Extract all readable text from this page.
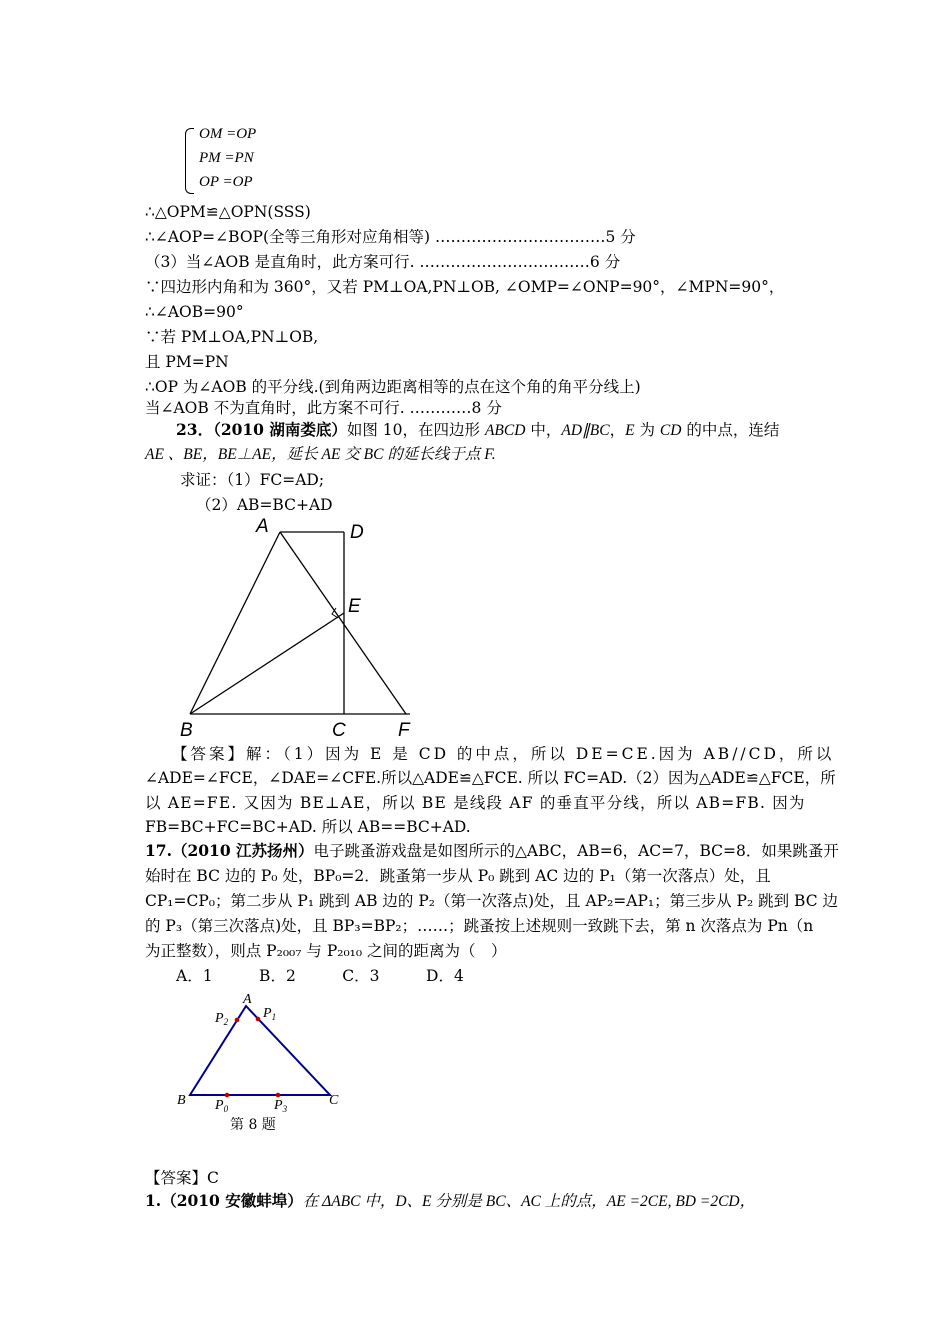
OM =OP
PM =PN
OP =OP
∴△OPM≌△OPN(SSS)
∴∠AOP=∠BOP(全等三角形对应角相等) ……………………………5 分
（3）当∠AOB 是直角时，此方案可行. ……………………………6 分
∵四边形内角和为 360°，又若 PM⊥OA,PN⊥OB, ∠OMP=∠ONP=90°，∠MPN=90°，
∴∠AOB=90°
∵若 PM⊥OA,PN⊥OB,
且 PM=PN
∴OP 为∠AOB 的平分线.(到角两边距离相等的点在这个角的角平分线上)
当∠AOB 不为直角时，此方案不可行. …………8 分
23．（2010 湖南娄底）如图 10，在四边形 ABCD 中，AD∥BC，E 为 CD 的中点，连结
AE 、BE，BE⊥AE，延长 AE 交 BC 的延长线于点 F.
求证：（1）FC=AD;
（2）AB=BC+AD
A	D
E
B	C	F
【答案】解：（1）因为 E 是 CD 的中点，所以 DE=CE.因为 AB//CD，所以
∠ADE=∠FCE，∠DAE=∠CFE.所以△ADE≌△FCE. 所以 FC=AD.（2）因为△ADE≌△FCE，所
以 AE=FE. 又因为 BE⊥AE，所以 BE 是线段 AF 的垂直平分线，所以 AB=FB. 因为
FB=BC+FC=BC+AD. 所以 AB==BC+AD.
17.（2010 江苏扬州）电子跳蚤游戏盘是如图所示的△ABC，AB=6，AC=7，BC=8．如果跳蚤开
始时在 BC 边的 P₀ 处，BP₀=2．跳蚤第一步从 P₀ 跳到 AC 边的 P₁（第一次落点）处，且
CP₁=CP₀；第二步从 P₁ 跳到 AB 边的 P₂（第一次落点)处，且 AP₂=AP₁；第三步从 P₂ 跳到 BC 边
的 P₃（第三次落点)处，且 BP₃=BP₂；……；跳蚤按上述规则一致跳下去，第 n 次落点为 Pn（n
为正整数），则点 P₂₀₀₇ 与 P₂₀₁₀ 之间的距离为（　）
A．1　　　B．2　　　C．3　　　D．4
A
$P_1$
$P_2$
B	C
$P_0$	$P_3$
第 8 题
【答案】C
1.（2010 安徽蚌埠）在 ΔABC 中，D、E 分别是 BC、AC 上的点，AE =2CE, BD =2CD，
